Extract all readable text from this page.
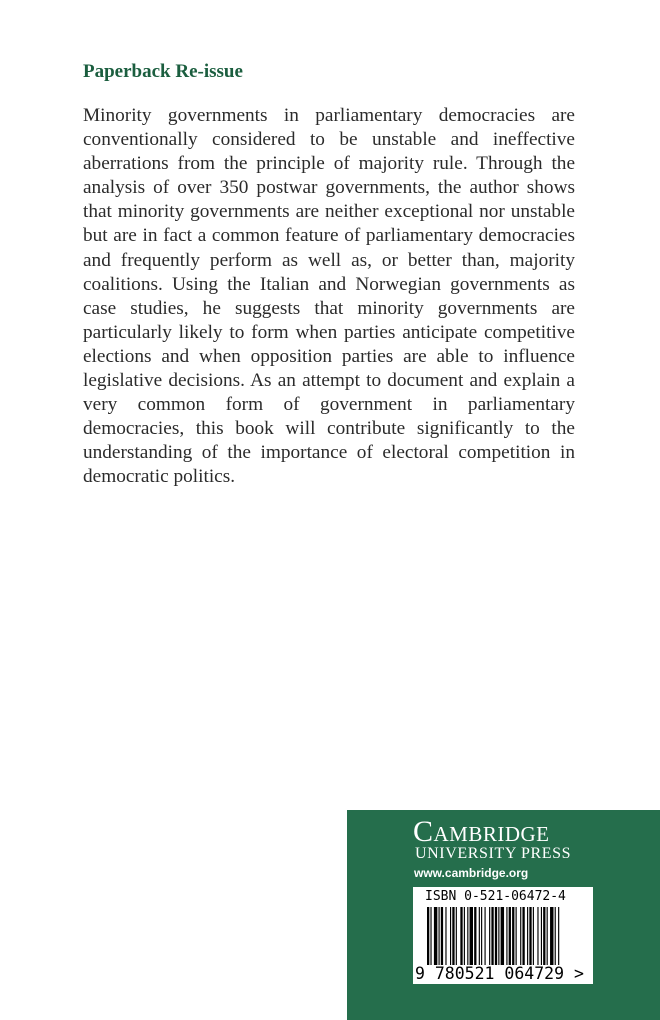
Paperback Re-issue

Minority governments in parliamentary democracies are conventionally considered to be unstable and ineffective aberrations from the principle of majority rule. Through the analysis of over 350 postwar governments, the author shows that minority governments are neither exceptional nor unstable but are in fact a common feature of parliamentary democracies and frequently perform as well as, or better than, majority coalitions. Using the Italian and Norwegian governments as case studies, he suggests that minority governments are particularly likely to form when parties anticipate competitive elections and when opposition parties are able to influence legislative decisions. As an attempt to document and explain a very common form of government in parliamentary democracies, this book will contribute significantly to the understanding of the importance of electoral competition in democratic politics.

Cambridge
UNIVERSITY PRESS
www.cambridge.org
ISBN 0-521-06472-4
9 780521 064729 >
